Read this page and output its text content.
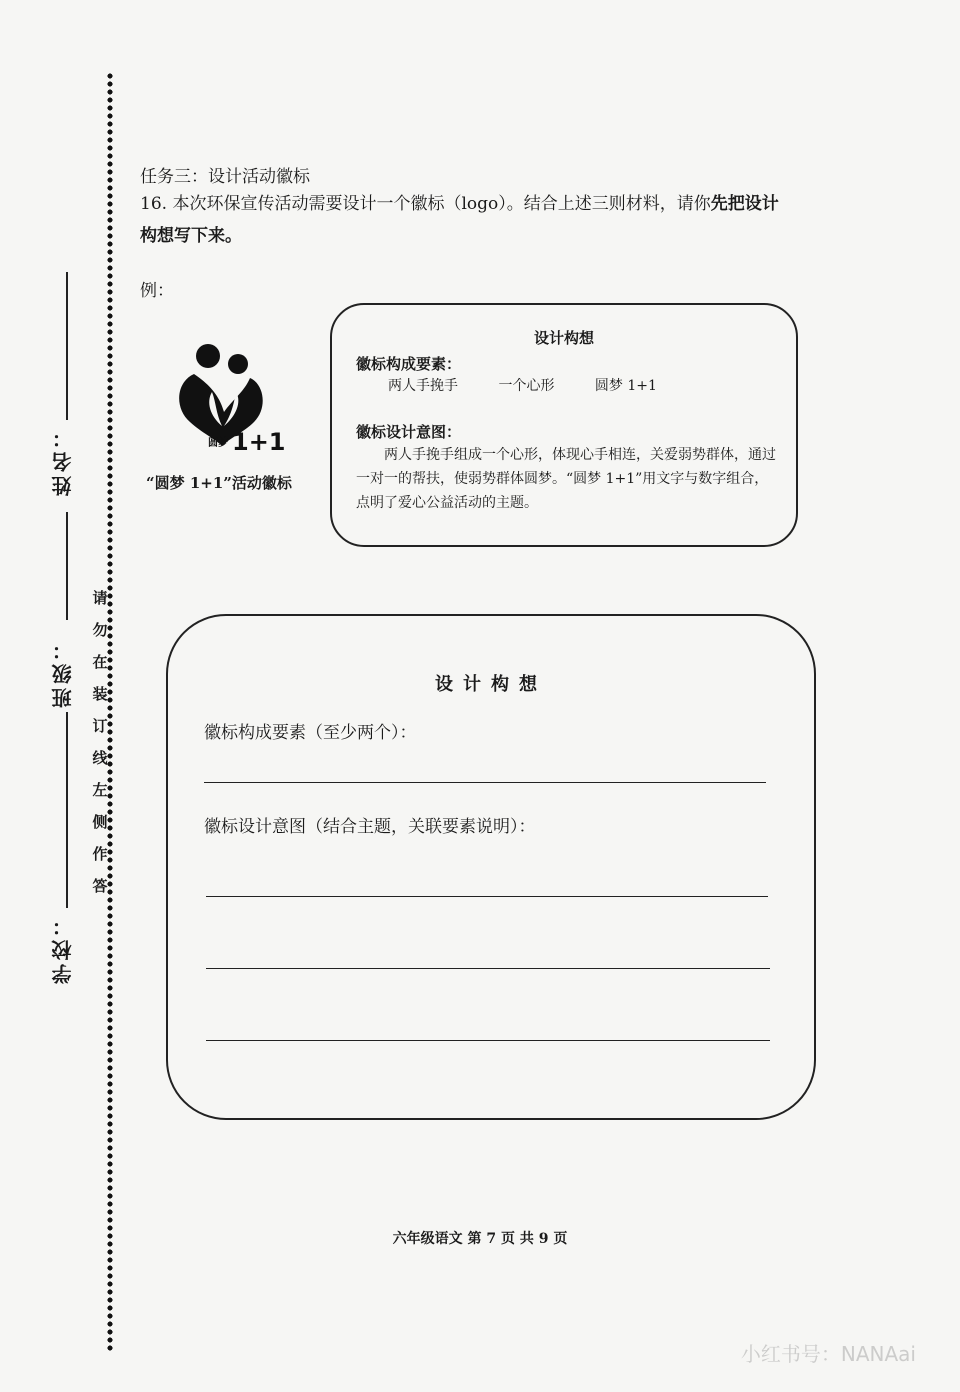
姓名：
班级：
学校：
请
勿
在
装
订
线
左
侧
作
答
任务三：设计活动徽标
16. 本次环保宣传活动需要设计一个徽标（logo）。结合上述三则材料，请你先把设计构想写下来。
例：
圆梦 1+1
“圆梦 1+1”活动徽标
设计构想
徽标构成要素：
两人手挽手	一个心形	圆梦 1+1
徽标设计意图：
两人手挽手组成一个心形，体现心手相连，关爱弱势群体，通过一对一的帮扶，使弱势群体圆梦。“圆梦 1+1”用文字与数字组合，点明了爱心公益活动的主题。
设计构想
徽标构成要素（至少两个）：
徽标设计意图（结合主题，关联要素说明）：
六年级语文 第 7 页 共 9 页
小红书号：NANAai
